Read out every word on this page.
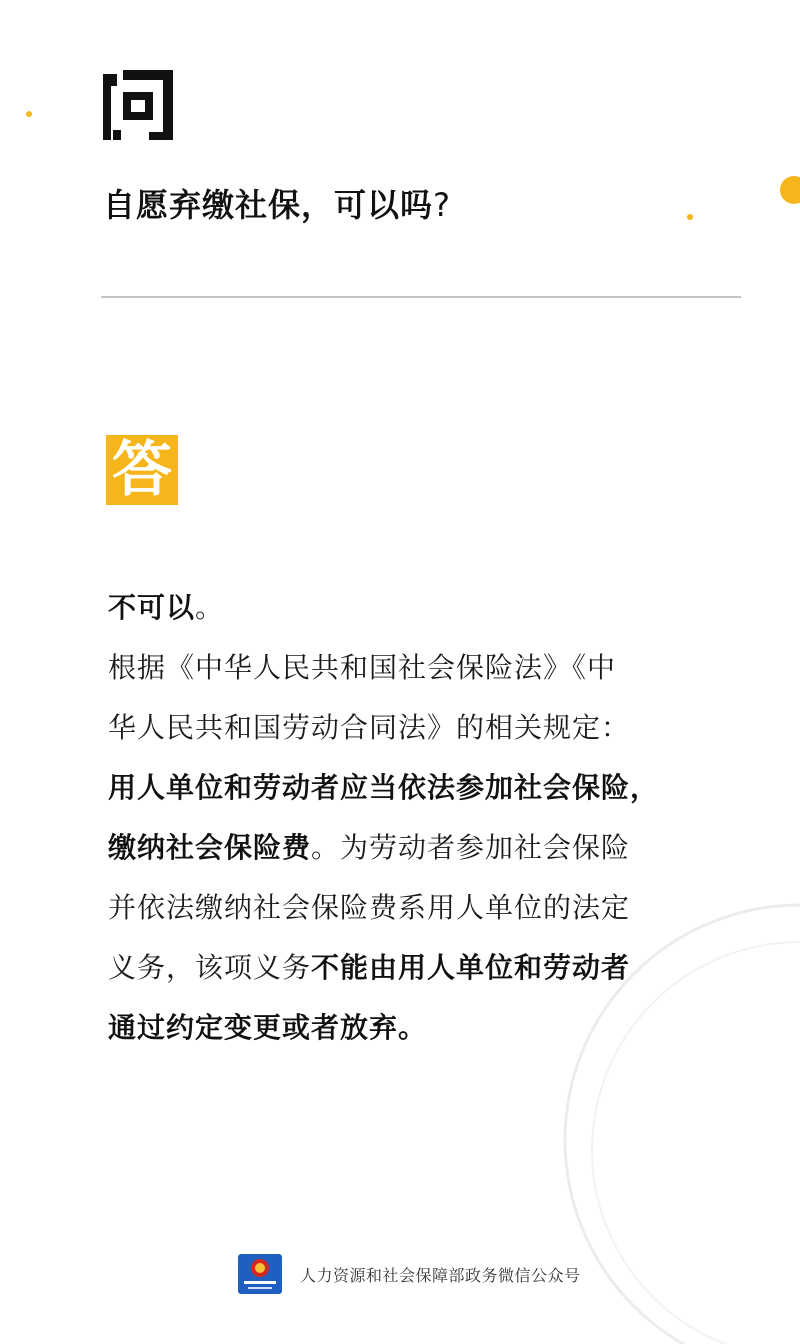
自愿弃缴社保，可以吗?
答
不可以。
根据《中华人民共和国社会保险法》《中
华人民共和国劳动合同法》的相关规定：
用人单位和劳动者应当依法参加社会保险，
缴纳社会保险费。为劳动者参加社会保险
并依法缴纳社会保险费系用人单位的法定
义务，该项义务不能由用人单位和劳动者
通过约定变更或者放弃。
人力资源和社会保障部政务微信公众号
